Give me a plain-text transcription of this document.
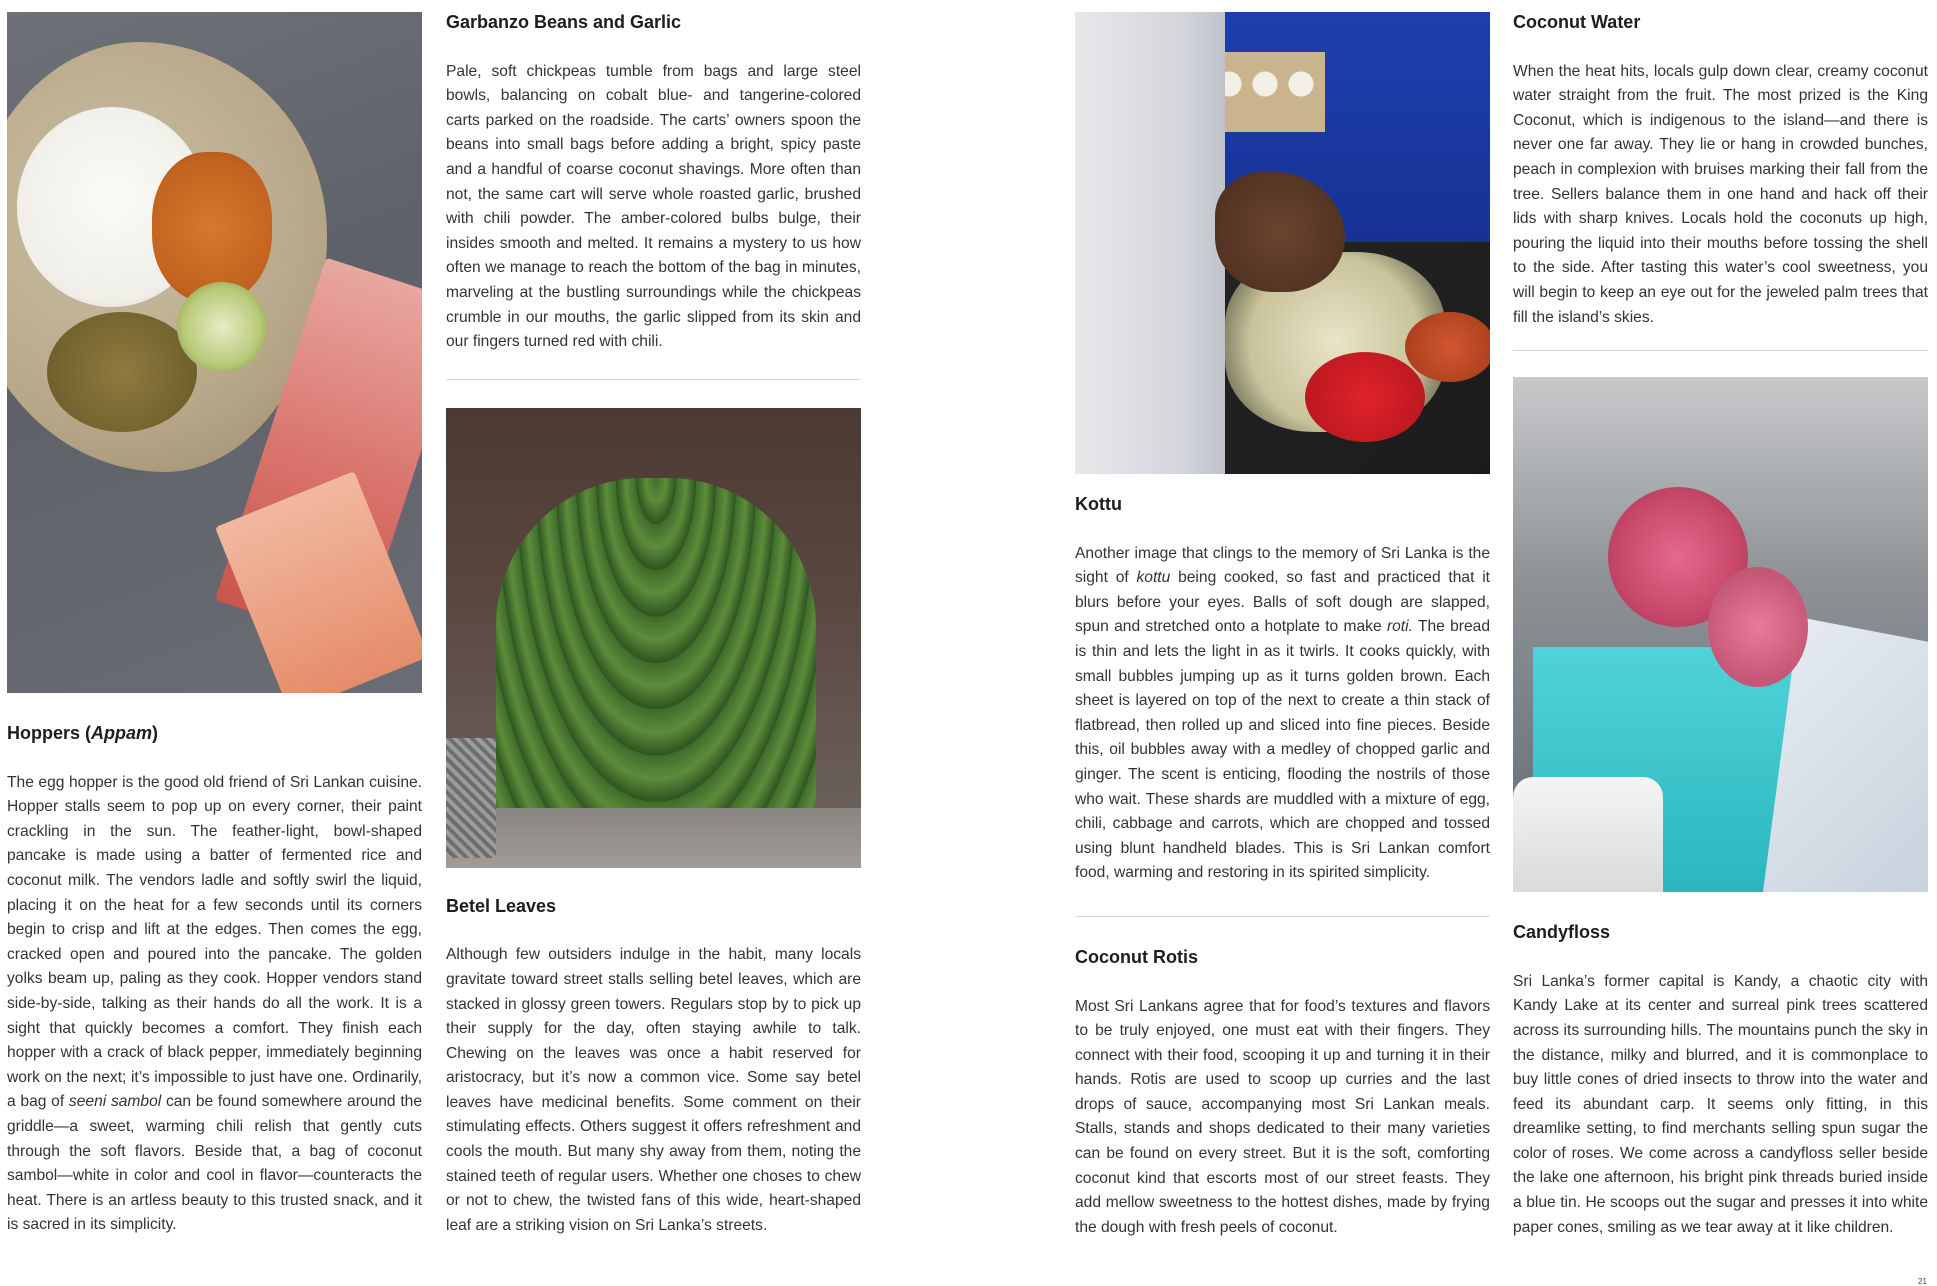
Hoppers (Appam)

The egg hopper is the good old friend of Sri Lankan cuisine. Hopper stalls seem to pop up on every corner, their paint crackling in the sun. The feather-light, bowl-shaped pancake is made using a batter of fermented rice and coconut milk. The vendors ladle and softly swirl the liquid, placing it on the heat for a few seconds until its corners begin to crisp and lift at the edges. Then comes the egg, cracked open and poured into the pancake. The golden yolks beam up, paling as they cook. Hopper vendors stand side-by-side, talking as their hands do all the work. It is a sight that quickly becomes a comfort. They finish each hopper with a crack of black pepper, immediately beginning work on the next; it’s impossible to just have one. Ordinarily, a bag of seeni sambol can be found somewhere around the griddle—a sweet, warming chili relish that gently cuts through the soft flavors. Beside that, a bag of coconut sambol—white in color and cool in flavor—counteracts the heat. There is an artless beauty to this trusted snack, and it is sacred in its simplicity.

Garbanzo Beans and Garlic

Pale, soft chickpeas tumble from bags and large steel bowls, balancing on cobalt blue- and tangerine-colored carts parked on the roadside. The carts’ owners spoon the beans into small bags before adding a bright, spicy paste and a handful of coarse coconut shavings. More often than not, the same cart will serve whole roasted garlic, brushed with chili powder. The amber-colored bulbs bulge, their insides smooth and melted. It remains a mystery to us how often we manage to reach the bottom of the bag in minutes, marveling at the bustling surroundings while the chickpeas crumble in our mouths, the garlic slipped from its skin and our fingers turned red with chili.

Betel Leaves

Although few outsiders indulge in the habit, many locals gravitate toward street stalls selling betel leaves, which are stacked in glossy green towers. Regulars stop by to pick up their supply for the day, often staying awhile to talk. Chewing on the leaves was once a habit reserved for aristocracy, but it’s now a common vice. Some say betel leaves have medicinal benefits. Some comment on their stimulating effects. Others suggest it offers refreshment and cools the mouth. But many shy away from them, noting the stained teeth of regular users. Whether one choses to chew or not to chew, the twisted fans of this wide, heart-shaped leaf are a striking vision on Sri Lanka’s streets.

Kottu

Another image that clings to the memory of Sri Lanka is the sight of kottu being cooked, so fast and practiced that it blurs before your eyes. Balls of soft dough are slapped, spun and stretched onto a hotplate to make roti. The bread is thin and lets the light in as it twirls. It cooks quickly, with small bubbles jumping up as it turns golden brown. Each sheet is layered on top of the next to create a thin stack of flatbread, then rolled up and sliced into fine pieces. Beside this, oil bubbles away with a medley of chopped garlic and ginger. The scent is enticing, flooding the nostrils of those who wait. These shards are muddled with a mixture of egg, chili, cabbage and carrots, which are chopped and tossed using blunt handheld blades. This is Sri Lankan comfort food, warming and restoring in its spirited simplicity.

Coconut Rotis

Most Sri Lankans agree that for food’s textures and flavors to be truly enjoyed, one must eat with their fingers. They connect with their food, scooping it up and turning it in their hands. Rotis are used to scoop up curries and the last drops of sauce, accompanying most Sri Lankan meals. Stalls, stands and shops dedicated to their many varieties can be found on every street. But it is the soft, comforting coconut kind that escorts most of our street feasts. They add mellow sweetness to the hottest dishes, made by frying the dough with fresh peels of coconut.

Coconut Water

When the heat hits, locals gulp down clear, creamy coconut water straight from the fruit. The most prized is the King Coconut, which is indigenous to the island—and there is never one far away. They lie or hang in crowded bunches, peach in complexion with bruises marking their fall from the tree. Sellers balance them in one hand and hack off their lids with sharp knives. Locals hold the coconuts up high, pouring the liquid into their mouths before tossing the shell to the side. After tasting this water’s cool sweetness, you will begin to keep an eye out for the jeweled palm trees that fill the island’s skies.

Candyfloss

Sri Lanka’s former capital is Kandy, a chaotic city with Kandy Lake at its center and surreal pink trees scattered across its surrounding hills. The mountains punch the sky in the distance, milky and blurred, and it is commonplace to buy little cones of dried insects to throw into the water and feed its abundant carp. It seems only fitting, in this dreamlike setting, to find merchants selling spun sugar the color of roses. We come across a candyfloss seller beside the lake one afternoon, his bright pink threads buried inside a blue tin. He scoops out the sugar and presses it into white paper cones, smiling as we tear away at it like children.

21
